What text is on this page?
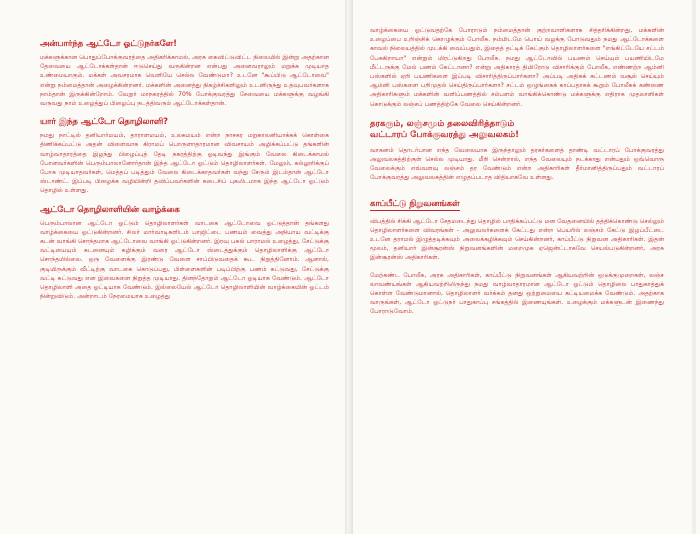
அன்பார்ந்த ஆட்டோ ஓட்டுநர்களே!

மக்களுக்கான பொதுப்போக்குவரத்தை அதிகரிக்காமல், அரசு கைவிட்டுவிட்ட நிலையில் இன்று அதற்கான தேவையை ஆட்டோக்கள்தான் ஈடுசெய்து வருகின்றன என்பது அனைவராலும் மறுக்க முடியாத உண்மையாகும். மக்கள் அவசரமாக வெளியே செல்ல வேண்டுமா? உடனே "கூப்பிடு ஆட்டோவை" என்று நம்மைத்தான் அழைக்கின்றனர். மக்களின் அனைத்து நிகழ்ச்சிகளிலும் உடனிருந்து உதவுபவர்களாக நாம்தான் இருக்கின்றோம். வேறுர் மாநகரத்தில் 70% போக்குவரத்து சேவையை மக்களுக்கு வழங்கி வருவது நாம் உழைத்துப் பிழைப்பு நடத்திவரும் ஆட்டோக்கள்தான்.

யார் இந்த ஆட்டோ தொழிலாளி?

நமது நாட்டில் தனியார்மயம், தாராளமயம், உலகமயம் என்ற நாசகர மறுகாலனியாக்கக் கொள்கை திணிக்கப்பட்டு அதன் விளைவாக கிராமப் பொருளாதாரமான விவசாயம் அழிக்கப்பட்டு தங்களின் வாழ்வாதாரத்தை இழந்து பிழைப்புத் தேடி நகரத்திற்கு ஓடிவந்து இங்கும் வேலை கிடைக்காமல் போனவர்களின் பெரும்பாலானோர்தான் இந்த ஆட்டோ ஓட்டும் தொழிலாளர்கள். மேலும், கல்லூரிக்குப் போக முடியாதவர்கள், மெத்தப் படித்தும் வேலை கிடைக்காதவர்கள் வந்து சேரும் இடம்தான் ஆட்டோ ஸ்டாண்ட். இப்படி பிழைக்க வழியின்றி தவிப்பவர்களின் கடைசிப் புகலிடமாக இந்த ஆட்டோ ஓட்டும் தொழில் உள்ளது.

ஆட்டோ தொழிலாளியின் வாழ்க்கை

பெரும்பாலான ஆட்டோ ஓட்டும் தொழிலாளர்கள் வாடகை ஆட்டோவை ஓட்டுத்தான் தங்களது வாழ்க்கையை ஓட்டுகின்றனர். சிலர் மார்வாடிகளிடம் பாஜிட்டை பணயம் வைத்து அநியாய வட்டிக்கு கடன் வாங்கி சொந்தமாக ஆட்டோவை வாங்கி ஓட்டுகின்றனர். இரவு பகல் பாராமல் உழைத்து, சேட்டுக்கு வட்டியையும் கடனையும் கழிக்கும் வரை ஆட்டோ ஸ்டைத்துக்கும் தொழிலாளிக்கு ஆட்டோ சொந்தமில்லை. ஒரு வேளைக்கு இரண்டு வேளை சாப்பிடுவதைக் கூட நிறுத்தினோம். ஆனால், குடியிருக்கும் வீட்டிற்கு வாடகை கொடுப்பது, பிள்ளைகளின் படிப்பிற்கு பணம் கட்டுவது, சேட்டுக்கு வட்டி கட்டுவது என இவைகளை நிறுத்த முடியாது. தினந்தோறும் ஆட்டோ ஓடியாக வேண்டும். ஆட்டோ தொழிலாளி அதை ஓட்டியாக வேண்டும். இல்லையேல் ஆட்டோ தொழிலாளியின் வாழ்க்கையின் ஓட்டம் நின்றுவிடும். அன்றாடம் நேரமையாக உழைத்து

வாழ்க்கையை ஓட்டுவதற்கே போராடும் நம்மைத்தான் குற்றவாளிகளாக சித்தரிக்கின்றது, மக்களின் உழைப்பை உறிஞ்சிக் கொழுக்கும் போலீசு. நம்மிடமே பொய் வழக்கு போடுவதும் நமது ஆட்டோக்களை காவல் நிலையத்தில் முடக்கி வைப்பதும், இதைத் தட்டிக் கேட்கும் தொழிலாளர்களை "எங்கிட்டேயே சட்டம் பேசுகிறாயா" என்றும் மிரட்டுகிறது போலீசு. நமது ஆட்டோவில் பயணம் செய்யும் பயணியிடமே மீட்டருக்கு மேல் பணம் கேட்டானா? என்று அதிகாரத் திமிரோடு விசாரிக்கும் போலீசு, எண்ணற்ற ஆம்னி பஸ்களில் ஏறி பயணிகளை இப்படி விசாரித்திருப்பார்களா? அப்படி அதிகக் கட்டணம் வசூல் செய்யும் ஆம்னி பஸ்களை பறிமுதல் செய்திருப்பார்களா? சட்டம் ஒழுங்கைக் காப்பதாகக் கூறும் போலீசுக் கண்ணை அதிகாரிகளும் மக்களின் வளிப்பணத்தில் சம்பளம் வாங்கிக்கொண்டு மக்களுக்கு எதிராக முதலாளிகள் கொடுக்கும் லஞ்சப் பணத்திற்கே வேலை செய்கின்றனர்.

தரகரும், லஞ்சமும் தலைவிரித்தாடும்
வட்டாரப் போக்குவரத்து அலுவலகம்!

வாகனம் தொடர்பான எந்த வேலையாக இருந்தாலும் தரகர்களைத் தாண்டி வட்டாரப் போக்குவரத்து அலுவலகத்திற்குள் செல்ல முடியாது. மீறி சென்றால், எந்த வேலையும் நடக்காது என்பதும் ஒவ்வொரு வேலைக்கும் எவ்வளவு லஞ்சம் தர வேண்டும் என்ற அதிகாரிகள் தீர்மானித்திருப்பதும் வட்டாரப் போக்குவரத்து அலுவலகத்தின் எழுதப்படாத விதியாகவே உள்ளது.

காப்பீட்டு நிறுவனங்கள்

விபத்தில் சிக்கி ஆட்டோ சேதமடைந்து தொழில் பாதிக்கப்பட்டு மன வேதனையில் தத்திக்கொண்டு செல்லும் தொழிலாளர்களை விவரங்கள் - அலுவலர்களைக் கேட்டது என்ற பெயரில் லஞ்சம் கேட்டு இழப்பீட்டை உடனே தராமல் இழுத்தடிக்கவும் அலைக்கழிக்கவும் செய்கின்றனர், காப்பீட்டு நிறுவன அதிகாரிகள். இதன் மூலம், தனியார் இன்சூரன்ஸ் நிறுவனங்களின் மறைமுக ஏஜென்ட்டாகவே செயல்படுகின்றனர், அரசு இன்சூரன்ஸ் அதிகாரிகள்.

மேற்கண்ட போலீசு, அரசு அதிகாரிகள், காப்பீட்டு நிறுவனங்கள் ஆகியவற்றின் ஒடுக்குமுறைகள், லஞ்ச லாவண்யங்கள் ஆகியவற்றிலிருந்து நமது வாழ்வாதாரமான ஆட்டோ ஓட்டும் தொழிலை பாதுகாத்துக் கொள்ள வேண்டுமானால், தொழிலாளர் வர்க்கம் தனது ஒற்றுமையை கட்டியமைக்க வேண்டும். அதற்காக வாருங்கள், ஆட்டோ ஓட்டுநர் பாதுகாப்பு சங்கத்தில் இணையுங்கள். உழைக்கும் மக்களுடன் இணைந்து போராடுவோம்.
